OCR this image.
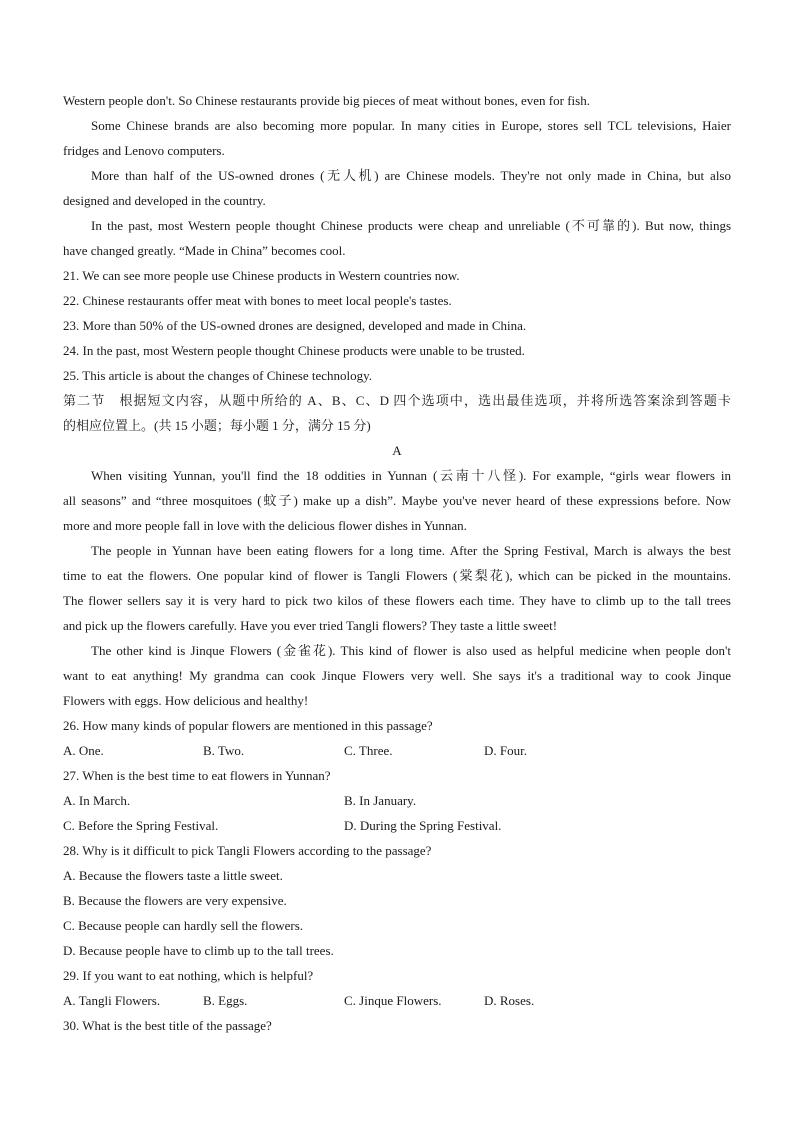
Western people don't. So Chinese restaurants provide big pieces of meat without bones, even for fish.
Some Chinese brands are also becoming more popular. In many cities in Europe, stores sell TCL televisions, Haier
fridges and Lenovo computers.
More than half of the US-owned drones (无人机) are Chinese models. They're not only made in China, but also
designed and developed in the country.
In the past, most Western people thought Chinese products were cheap and unreliable (不可靠的). But now, things
have changed greatly. “Made in China” becomes cool.
21. We can see more people use Chinese products in Western countries now.
22. Chinese restaurants offer meat with bones to meet local people's tastes.
23. More than 50% of the US-owned drones are designed, developed and made in China.
24. In the past, most Western people thought Chinese products were unable to be trusted.
25. This article is about the changes of Chinese technology.
第二节　根据短文内容，从题中所给的 A、B、C、D 四个选项中，选出最佳选项，并将所选答案涂到答题卡
的相应位置上。(共 15 小题；每小题 1 分，满分 15 分)
A
When visiting Yunnan, you'll find the 18 oddities in Yunnan (云南十八怪). For example, “girls wear flowers in
all seasons” and “three mosquitoes (蚊子) make up a dish”. Maybe you've never heard of these expressions before. Now
more and more people fall in love with the delicious flower dishes in Yunnan.
The people in Yunnan have been eating flowers for a long time. After the Spring Festival, March is always the best
time to eat the flowers. One popular kind of flower is Tangli Flowers (棠梨花), which can be picked in the mountains.
The flower sellers say it is very hard to pick two kilos of these flowers each time. They have to climb up to the tall trees
and pick up the flowers carefully. Have you ever tried Tangli flowers? They taste a little sweet!
The other kind is Jinque Flowers (金雀花). This kind of flower is also used as helpful medicine when people don't
want to eat anything! My grandma can cook Jinque Flowers very well. She says it's a traditional way to cook Jinque
Flowers with eggs. How delicious and healthy!
26. How many kinds of popular flowers are mentioned in this passage?
A. One.	B. Two.	C. Three.	D. Four.
27. When is the best time to eat flowers in Yunnan?
A. In March.	B. In January.
C. Before the Spring Festival.	D. During the Spring Festival.
28. Why is it difficult to pick Tangli Flowers according to the passage?
A. Because the flowers taste a little sweet.
B. Because the flowers are very expensive.
C. Because people can hardly sell the flowers.
D. Because people have to climb up to the tall trees.
29. If you want to eat nothing, which is helpful?
A. Tangli Flowers.	B. Eggs.	C. Jinque Flowers.	D. Roses.
30. What is the best title of the passage?
